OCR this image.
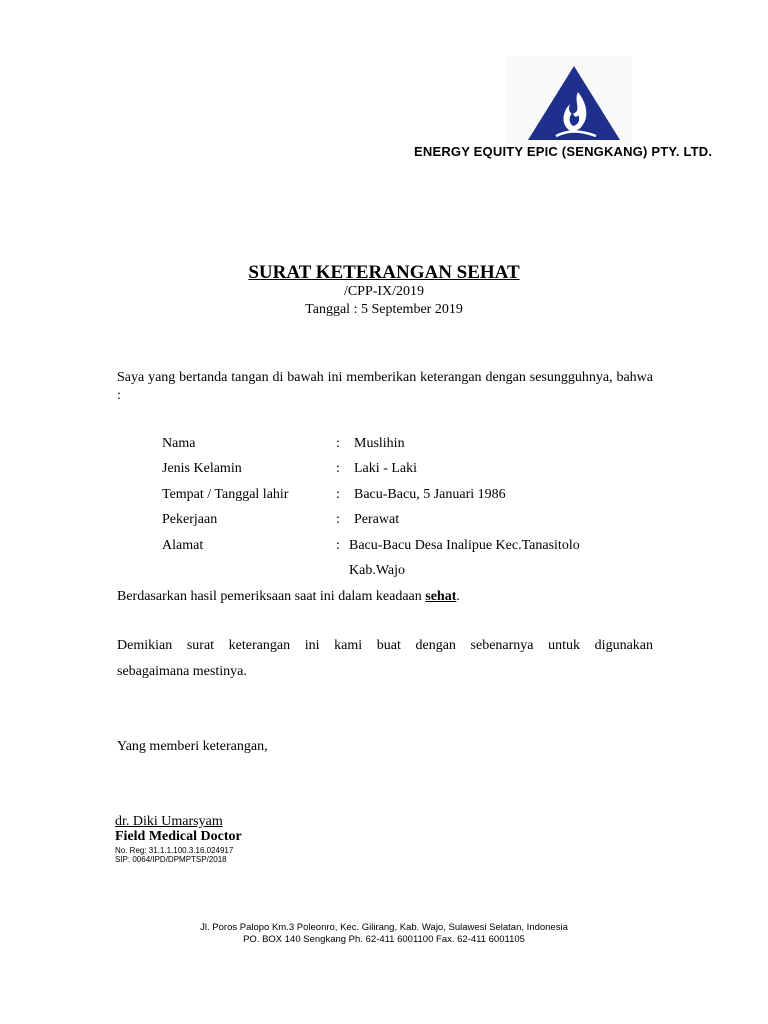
ENERGY EQUITY EPIC (SENGKANG) PTY. LTD.
SURAT KETERANGAN SEHAT
/CPP-IX/2019
Tanggal : 5 September 2019
Saya yang bertanda tangan di bawah ini memberikan keterangan dengan sesungguhnya, bahwa :
Nama	: Muslihin
Jenis Kelamin	: Laki - Laki
Tempat / Tanggal lahir	: Bacu-Bacu, 5 Januari 1986
Pekerjaan	: Perawat
Alamat	: Bacu-Bacu Desa Inalipue Kec.Tanasitolo
Kab.Wajo
Berdasarkan hasil pemeriksaan saat ini dalam keadaan sehat.
Demikian surat keterangan ini kami buat dengan sebenarnya untuk digunakan
sebagaimana mestinya.
Yang memberi keterangan,
dr. Diki Umarsyam
Field Medical Doctor
No. Reg: 31.1.1.100.3.16.024917
SIP: 0064/IPD/DPMPTSP/2018
Jl. Poros Palopo Km.3 Poleonro, Kec. Gilirang, Kab. Wajo, Sulawesi Selatan, Indonesia
PO. BOX 140 Sengkang Ph. 62-411 6001100 Fax. 62-411 6001105
